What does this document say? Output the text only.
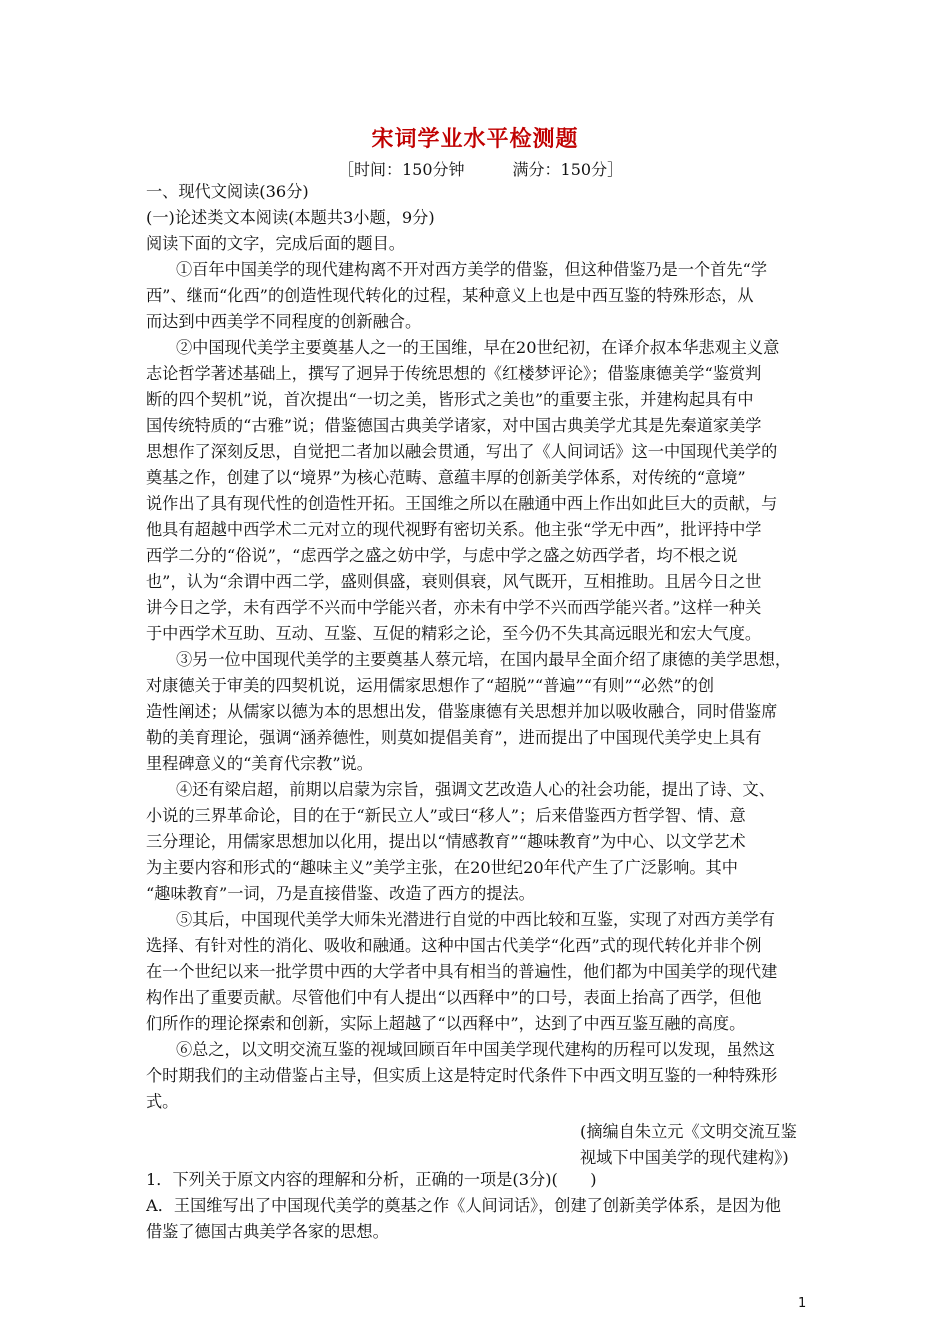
宋词学业水平检测题
［时间：150分钟　　　满分：150分］
一、现代文阅读(36分)
(一)论述类文本阅读(本题共3小题，9分)
阅读下面的文字，完成后面的题目。
①百年中国美学的现代建构离不开对西方美学的借鉴，但这种借鉴乃是一个首先“学
西”、继而“化西”的创造性现代转化的过程，某种意义上也是中西互鉴的特殊形态，从
而达到中西美学不同程度的创新融合。
②中国现代美学主要奠基人之一的王国维，早在20世纪初，在译介叔本华悲观主义意
志论哲学著述基础上，撰写了迥异于传统思想的《红楼梦评论》；借鉴康德美学“鉴赏判
断的四个契机”说，首次提出“一切之美，皆形式之美也”的重要主张，并建构起具有中
国传统特质的“古雅”说；借鉴德国古典美学诸家，对中国古典美学尤其是先秦道家美学
思想作了深刻反思，自觉把二者加以融会贯通，写出了《人间词话》这一中国现代美学的
奠基之作，创建了以“境界”为核心范畴、意蕴丰厚的创新美学体系，对传统的“意境”
说作出了具有现代性的创造性开拓。王国维之所以在融通中西上作出如此巨大的贡献，与
他具有超越中西学术二元对立的现代视野有密切关系。他主张“学无中西”，批评持中学
西学二分的“俗说”，“虑西学之盛之妨中学，与虑中学之盛之妨西学者，均不根之说
也”，认为“余谓中西二学，盛则俱盛，衰则俱衰，风气既开，互相推助。且居今日之世
讲今日之学，未有西学不兴而中学能兴者，亦未有中学不兴而西学能兴者。”这样一种关
于中西学术互助、互动、互鉴、互促的精彩之论，至今仍不失其高远眼光和宏大气度。
③另一位中国现代美学的主要奠基人蔡元培，在国内最早全面介绍了康德的美学思想，
对康德关于审美的四契机说，运用儒家思想作了“超脱”“普遍”“有则”“必然”的创
造性阐述；从儒家以德为本的思想出发，借鉴康德有关思想并加以吸收融合，同时借鉴席
勒的美育理论，强调“涵养德性，则莫如提倡美育”，进而提出了中国现代美学史上具有
里程碑意义的“美育代宗教”说。
④还有梁启超，前期以启蒙为宗旨，强调文艺改造人心的社会功能，提出了诗、文、
小说的三界革命论，目的在于“新民立人”或曰“移人”；后来借鉴西方哲学智、情、意
三分理论，用儒家思想加以化用，提出以“情感教育”“趣味教育”为中心、以文学艺术
为主要内容和形式的“趣味主义”美学主张，在20世纪20年代产生了广泛影响。其中
“趣味教育”一词，乃是直接借鉴、改造了西方的提法。
⑤其后，中国现代美学大师朱光潜进行自觉的中西比较和互鉴，实现了对西方美学有
选择、有针对性的消化、吸收和融通。这种中国古代美学“化西”式的现代转化并非个例
在一个世纪以来一批学贯中西的大学者中具有相当的普遍性，他们都为中国美学的现代建
构作出了重要贡献。尽管他们中有人提出“以西释中”的口号，表面上抬高了西学，但他
们所作的理论探索和创新，实际上超越了“以西释中”，达到了中西互鉴互融的高度。
⑥总之，以文明交流互鉴的视域回顾百年中国美学现代建构的历程可以发现，虽然这
个时期我们的主动借鉴占主导，但实质上这是特定时代条件下中西文明互鉴的一种特殊形
式。
(摘编自朱立元《文明交流互鉴
视域下中国美学的现代建构》)
1．下列关于原文内容的理解和分析，正确的一项是(3分)(　　)
A．王国维写出了中国现代美学的奠基之作《人间词话》，创建了创新美学体系，是因为他
借鉴了德国古典美学各家的思想。
1
